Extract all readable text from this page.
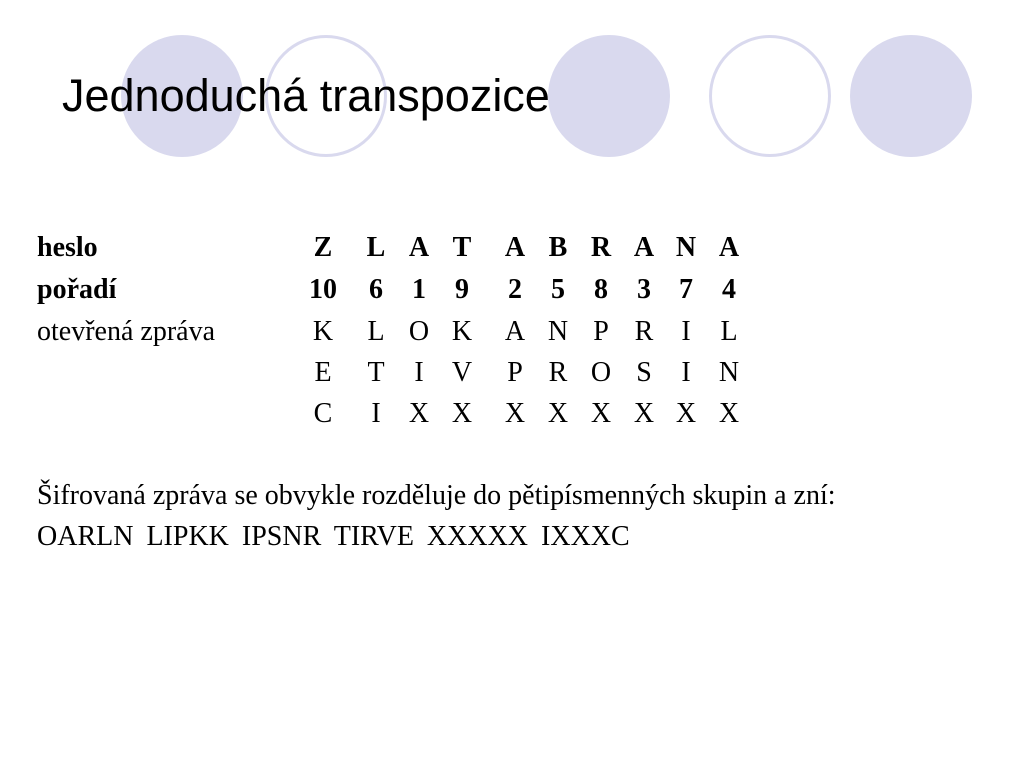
Jednoduchá transpozice
heslo	Z	L A T	A B R A N A
pořadí	10	6	1	9	2	5	8	3	7	4
otevřená zpráva	K	L O K	A N P R I	L
E	T	I	V	P R O S	I	N
C	I	X X	X X X X X X
Šifrovaná zpráva se obvykle rozděluje do pětipísmenných skupin a zní:
OARLN LIPKK IPSNR TIRVE XXXXX IXXXC
